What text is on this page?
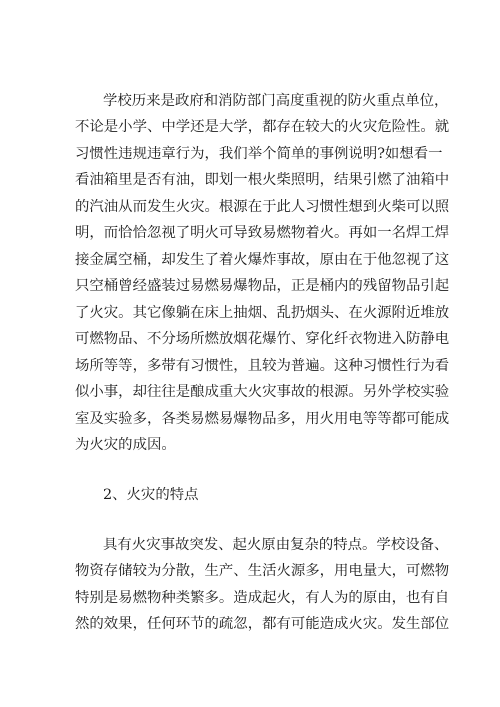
学校历来是政府和消防部门高度重视的防火重点单位，
不论是小学、中学还是大学，都存在较大的火灾危险性。就
习惯性违规违章行为，我们举个简单的事例说明?如想看一
看油箱里是否有油，即划一根火柴照明，结果引燃了油箱中
的汽油从而发生火灾。根源在于此人习惯性想到火柴可以照
明，而恰恰忽视了明火可导致易燃物着火。再如一名焊工焊
接金属空桶，却发生了着火爆炸事故，原由在于他忽视了这
只空桶曾经盛装过易燃易爆物品，正是桶内的残留物品引起
了火灾。其它像躺在床上抽烟、乱扔烟头、在火源附近堆放
可燃物品、不分场所燃放烟花爆竹、穿化纤衣物进入防静电
场所等等，多带有习惯性，且较为普遍。这种习惯性行为看
似小事，却往往是酿成重大火灾事故的根源。另外学校实验
室及实验多，各类易燃易爆物品多，用火用电等等都可能成
为火灾的成因。
2、火灾的特点
具有火灾事故突发、起火原由复杂的特点。学校设备、
物资存储较为分散，生产、生活火源多，用电量大，可燃物
特别是易燃物种类繁多。造成起火，有人为的原由，也有自
然的效果，任何环节的疏忽，都有可能造成火灾。发生部位
